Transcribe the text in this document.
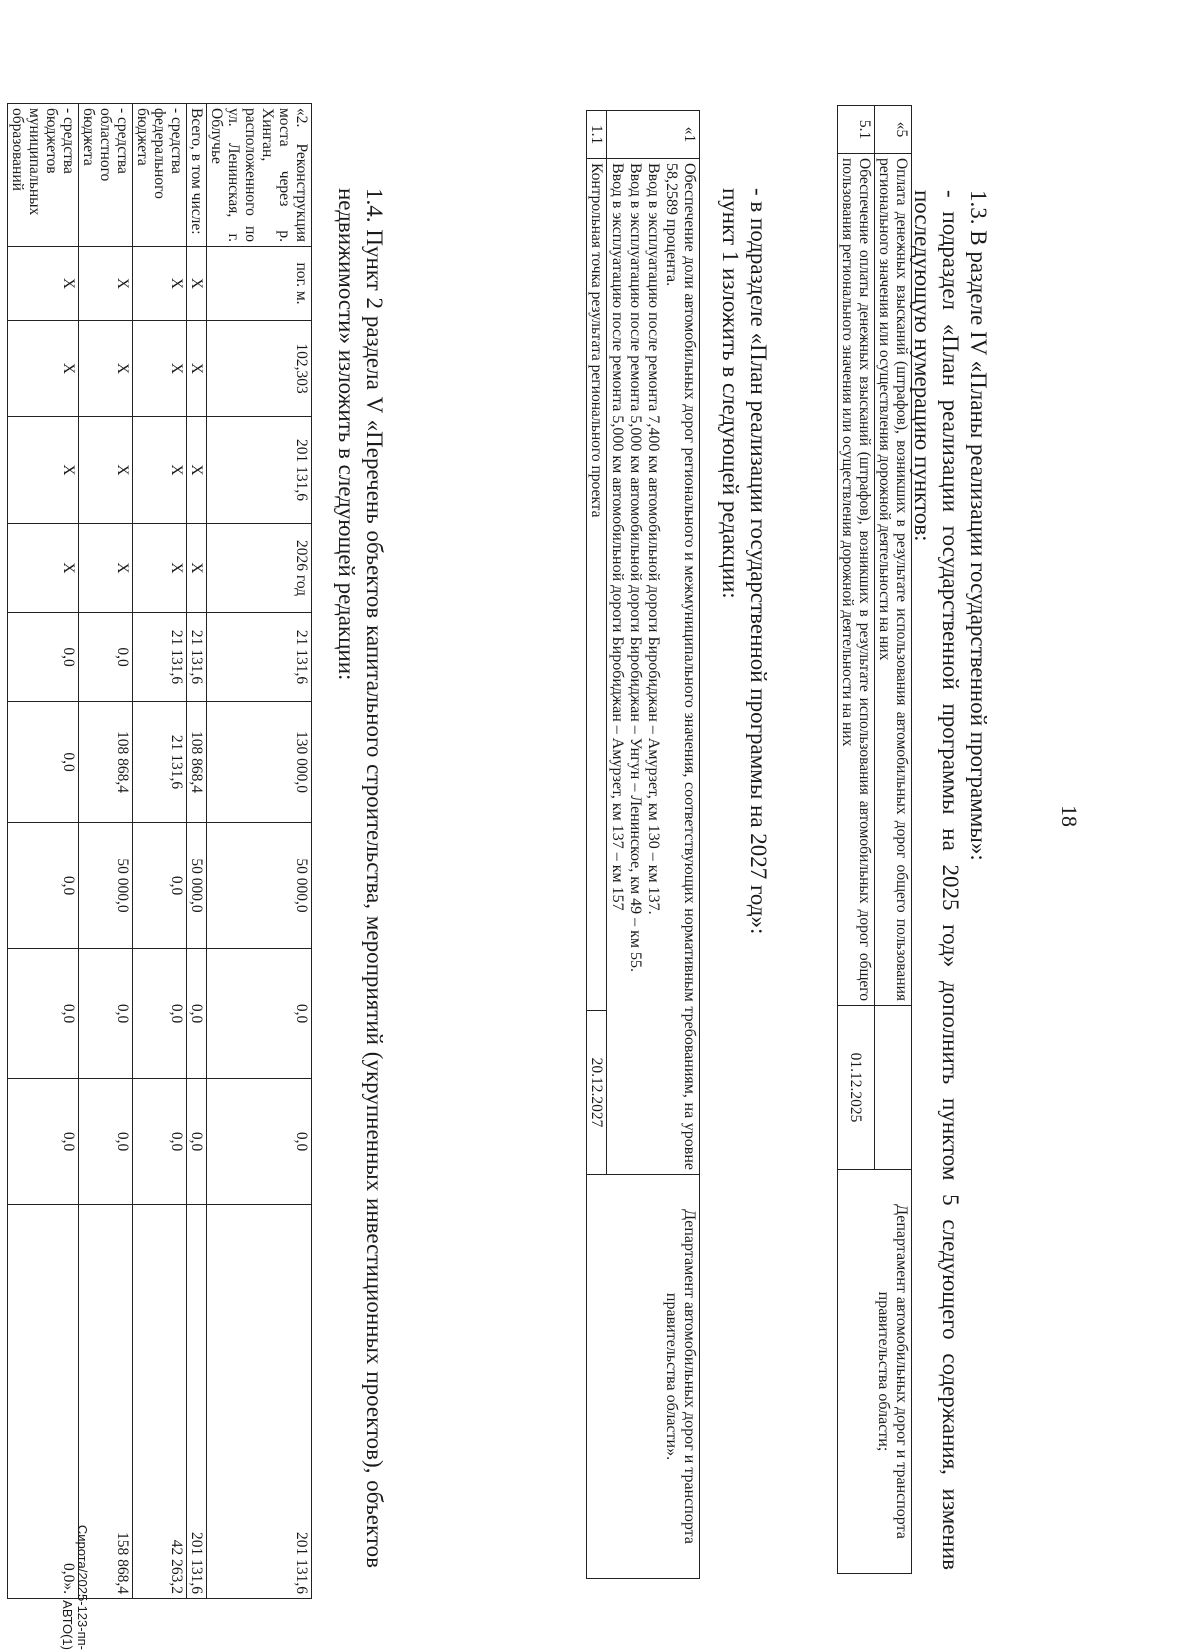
18
1.3. В разделе IV «Планы реализации государственной программы»:
- подраздел «План реализации государственной программы на 2025 год» дополнить пунктом 5 следующего содержания, изменив последующую нумерацию пунктов:
«5	Оплата денежных взысканий (штрафов), возникших в результате использования автомобильных дорог общего пользования регионального значения или осуществления дорожной деятельности на них		Департамент автомобильных дорог и транспорта правительства области;
5.1	Обеспечение оплаты денежных взысканий (штрафов), возникших в результате использования автомобильных дорог общего пользования регионального значения или осуществления дорожной деятельности на них	01.12.2025	
- в подразделе «План реализации государственной программы на 2027 год»:
пункт 1 изложить в следующей редакции:
«1	Обеспечение доли автомобильных дорог регионального и межмуниципального значения, соответствующих нормативным требованиям, на уровне 58,2589 процента.
Ввод в эксплуатацию после ремонта 7,400 км автомобильной дороги Биробиджан – Амурзет, км 130 – км 137.
Ввод в эксплуатацию после ремонта 5,000 км автомобильной дороги Биробиджан – Унгун – Ленинское, км 49 – км 55.
Ввод в эксплуатацию после ремонта 5,000 км автомобильной дороги Биробиджан – Амурзет, км 137 – км 157		Департамент автомобильных дорог и транспорта правительства области».
1.1	Контрольная точка результата регионального проекта	20.12.2027	
1.4. Пункт 2 раздела V «Перечень объектов капитального строительства, мероприятий (укрупненных инвестиционных проектов), объектов недвижимости» изложить в следующей редакции:
«2. Реконструкция моста через р. Хинган, расположенного по ул. Ленинская, г. Облучье	пог. м.	102,303	201 131,6	2026 год	21 131,6	130 000,0	50 000,0	0,0	0,0	201 131,6
Всего, в том числе:	Х	Х	Х	Х	21 131,6	108 868,4	50 000,0	0,0	0,0	201 131,6
- средства федерального бюджета	Х	Х	Х	Х	21 131,6	21 131,6	0,0	0,0	0,0	42 263,2
- средства областного бюджета	Х	Х	Х	Х	0,0	108 868,4	50 000,0	0,0	0,0	158 868,4
- средства бюджетов муниципальных образований	Х	Х	Х	Х	0,0	0,0	0,0	0,0	0,0	0,0».
Сирота/2025-123-пп-АВТО(1)
